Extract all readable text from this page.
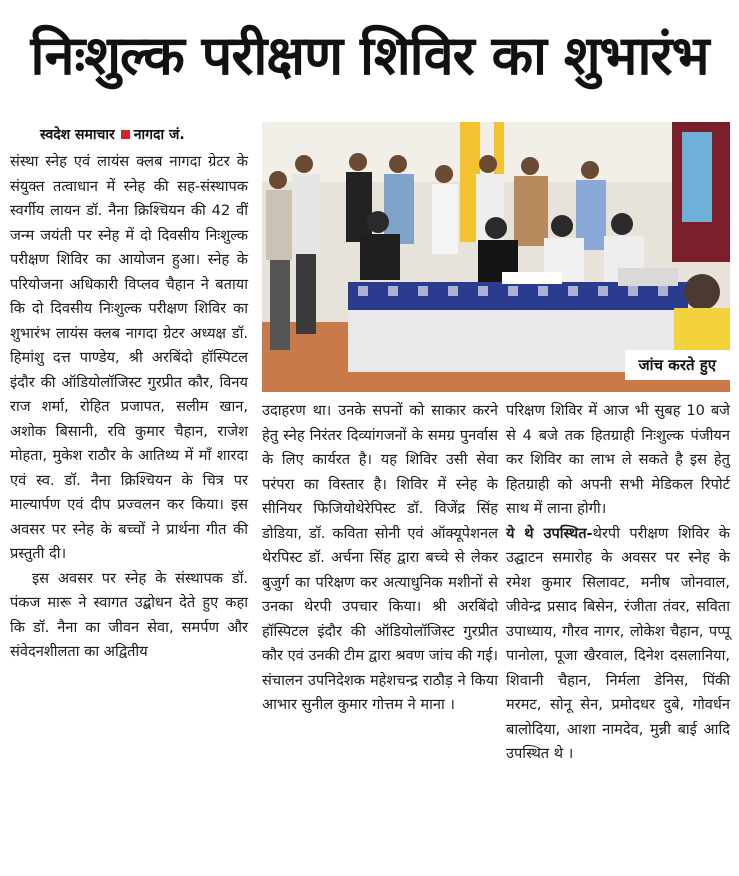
निःशुल्क परीक्षण शिविर का शुभारंभ
स्वदेश समाचार नागदा जं.

संस्था स्नेह एवं लायंस क्लब नागदा ग्रेटर के संयुक्त तत्वाधान में स्नेह की सह-संस्थापक स्वर्गीय लायन डॉ. नैना क्रिश्चियन की 42 वीं जन्म जयंती पर स्नेह में दो दिवसीय निःशुल्क परीक्षण शिविर का आयोजन हुआ। स्नेह के परियोजना अधिकारी विप्लव चैहान ने बताया कि दो दिवसीय निःशुल्क परीक्षण शिविर का शुभारंभ लायंस क्लब नागदा ग्रेटर अध्यक्ष डॉ. हिमांशु दत्त पाण्डेय, श्री अरबिंदो हॉस्पिटल इंदौर की ऑडियोलॉजिस्ट गुरप्रीत कौर, विनय राज शर्मा, रोहित प्रजापत, सलीम खान, अशोक बिसानी, रवि कुमार चैहान, राजेश मोहता, मुकेश राठौर के आतिथ्य में माँ शारदा एवं स्व. डॉ. नैना क्रिश्चियन के चित्र पर माल्यार्पण एवं दीप प्रज्वलन कर किया। इस अवसर पर स्नेह के बच्चों ने प्रार्थना गीत की प्रस्तुती दी।

इस अवसर पर स्नेह के संस्थापक डॉ. पंकज मारू ने स्वागत उद्बोधन देते हुए कहा कि डॉ. नैना का जीवन सेवा, समर्पण और संवेदनशीलता का अद्वितीय

जांच करते हुए

उदाहरण था। उनके सपनों को साकार करने हेतु स्नेह निरंतर दिव्यांगजनों के समग्र पुनर्वास के लिए कार्यरत है। यह शिविर उसी सेवा परंपरा का विस्तार है। शिविर में स्नेह के सीनियर फिजियोथेरेपिस्ट डॉ. विजेंद्र सिंह डोडिया, डॉ. कविता सोनी एवं ऑक्यूपेशनल थेरपिस्ट डॉ. अर्चना सिंह द्वारा बच्चे से लेकर बुजुर्ग का परिक्षण कर अत्याधुनिक मशीनों से उनका थेरपी उपचार किया। श्री अरबिंदो हॉस्पिटल इंदौर की ऑडियोलॉजिस्ट गुरप्रीत कौर एवं उनकी टीम द्वारा श्रवण जांच की गई। संचालन उपनिदेशक महेशचन्द्र राठौड़ ने किया आभार सुनील कुमार गोत्तम ने माना ।

परिक्षण शिविर में आज भी सुबह 10 बजे से 4 बजे तक हितग्राही निःशुल्क पंजीयन कर शिविर का लाभ ले सकते है इस हेतु हितग्राही को अपनी सभी मेडिकल रिपोर्ट साथ में लाना होगी।

ये थे उपस्थित-थेरपी परीक्षण शिविर के उद्घाटन समारोह के अवसर पर स्नेह के रमेश कुमार सिलावट, मनीष जोनवाल, जीवेन्द्र प्रसाद बिसेन, रंजीता तंवर, सविता उपाध्याय, गौरव नागर, लोकेश चैहान, पप्पू पानोला, पूजा खैरवाल, दिनेश दसलानिया, शिवानी चैहान, निर्मला डेनिस, पिंकी मरमट, सोनू सेन, प्रमोदधर दुबे, गोवर्धन बालोदिया, आशा नामदेव, मुन्नी बाई आदि उपस्थित थे ।
